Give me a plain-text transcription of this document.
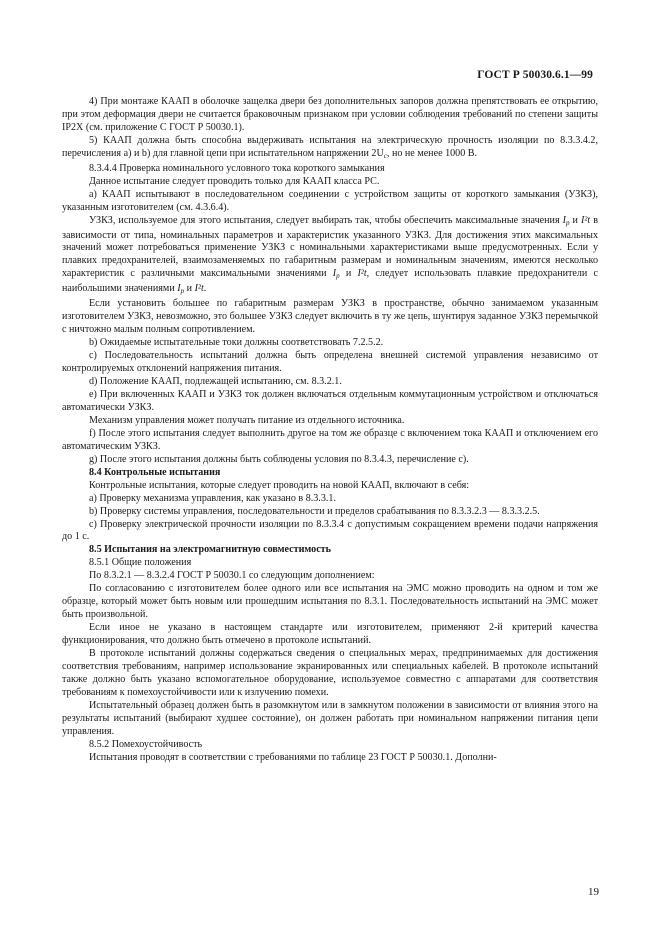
ГОСТ Р 50030.6.1—99

4) При монтаже КААП в оболочке защелка двери без дополнительных запоров должна препятствовать ее открытию, при этом деформация двери не считается браковочным признаком при условии соблюдения требований по степени защиты IP2X (см. приложение С ГОСТ Р 50030.1).

5) КААП должна быть способна выдерживать испытания на электрическую прочность изоляции по 8.3.3.4.2, перечисления а) и b) для главной цепи при испытательном напряжении $2U_с$, но не менее 1000 В.

8.3.4.4 Проверка номинального условного тока короткого замыкания

Данное испытание следует проводить только для КААП класса РС.

а) КААП испытывают в последовательном соединении с устройством защиты от короткого замыкания (УЗКЗ), указанным изготовителем (см. 4.3.6.4).

УЗКЗ, используемое для этого испытания, следует выбирать так, чтобы обеспечить максимальные значения $I_p$ и I²t в зависимости от типа, номинальных параметров и характеристик указанного УЗКЗ. Для достижения этих максимальных значений может потребоваться применение УЗКЗ с номинальными характеристиками выше предусмотренных. Если у плавких предохранителей, взаимозаменяемых по габаритным размерам и номинальным значениям, имеются несколько характеристик с различными максимальными значениями $I_p$ и I²t, следует использовать плавкие предохранители с наибольшими значениями $I_p$ и I²t.

Если установить большее по габаритным размерам УЗКЗ в пространстве, обычно занимаемом указанным изготовителем УЗКЗ, невозможно, это большее УЗКЗ следует включить в ту же цепь, шунтируя заданное УЗКЗ перемычкой с ничтожно малым полным сопротивлением.

b) Ожидаемые испытательные токи должны соответствовать 7.2.5.2.

с) Последовательность испытаний должна быть определена внешней системой управления независимо от контролируемых отклонений напряжения питания.

d) Положение КААП, подлежащей испытанию, см. 8.3.2.1.

е) При включенных КААП и УЗКЗ ток должен включаться отдельным коммутационным устройством и отключаться автоматически УЗКЗ.

Механизм управления может получать питание из отдельного источника.

f) После этого испытания следует выполнить другое на том же образце с включением тока КААП и отключением его автоматическим УЗКЗ.

g) После этого испытания должны быть соблюдены условия по 8.3.4.3, перечисление с).

8.4 Контрольные испытания

Контрольные испытания, которые следует проводить на новой КААП, включают в себя:

а) Проверку механизма управления, как указано в 8.3.3.1.

b) Проверку системы управления, последовательности и пределов срабатывания по 8.3.3.2.3 — 8.3.3.2.5.

с) Проверку электрической прочности изоляции по 8.3.3.4 с допустимым сокращением времени подачи напряжения до 1 с.

8.5 Испытания на электромагнитную совместимость

8.5.1 Общие положения

По 8.3.2.1 — 8.3.2.4 ГОСТ Р 50030.1 со следующим дополнением:

По согласованию с изготовителем более одного или все испытания на ЭМС можно проводить на одном и том же образце, который может быть новым или прошедшим испытания по 8.3.1. Последовательность испытаний на ЭМС может быть произвольной.

Если иное не указано в настоящем стандарте или изготовителем, применяют 2-й критерий качества функционирования, что должно быть отмечено в протоколе испытаний.

В протоколе испытаний должны содержаться сведения о специальных мерах, предпринимаемых для достижения соответствия требованиям, например использование экранированных или специальных кабелей. В протоколе испытаний также должно быть указано вспомогательное оборудование, используемое совместно с аппаратами для соответствия требованиям к помехоустойчивости или к излучению помехи.

Испытательный образец должен быть в разомкнутом или в замкнутом положении в зависимости от влияния этого на результаты испытаний (выбирают худшее состояние), он должен работать при номинальном напряжении питания цепи управления.

8.5.2 Помехоустойчивость

Испытания проводят в соответствии с требованиями по таблице 23 ГОСТ Р 50030.1. Дополни-

19
